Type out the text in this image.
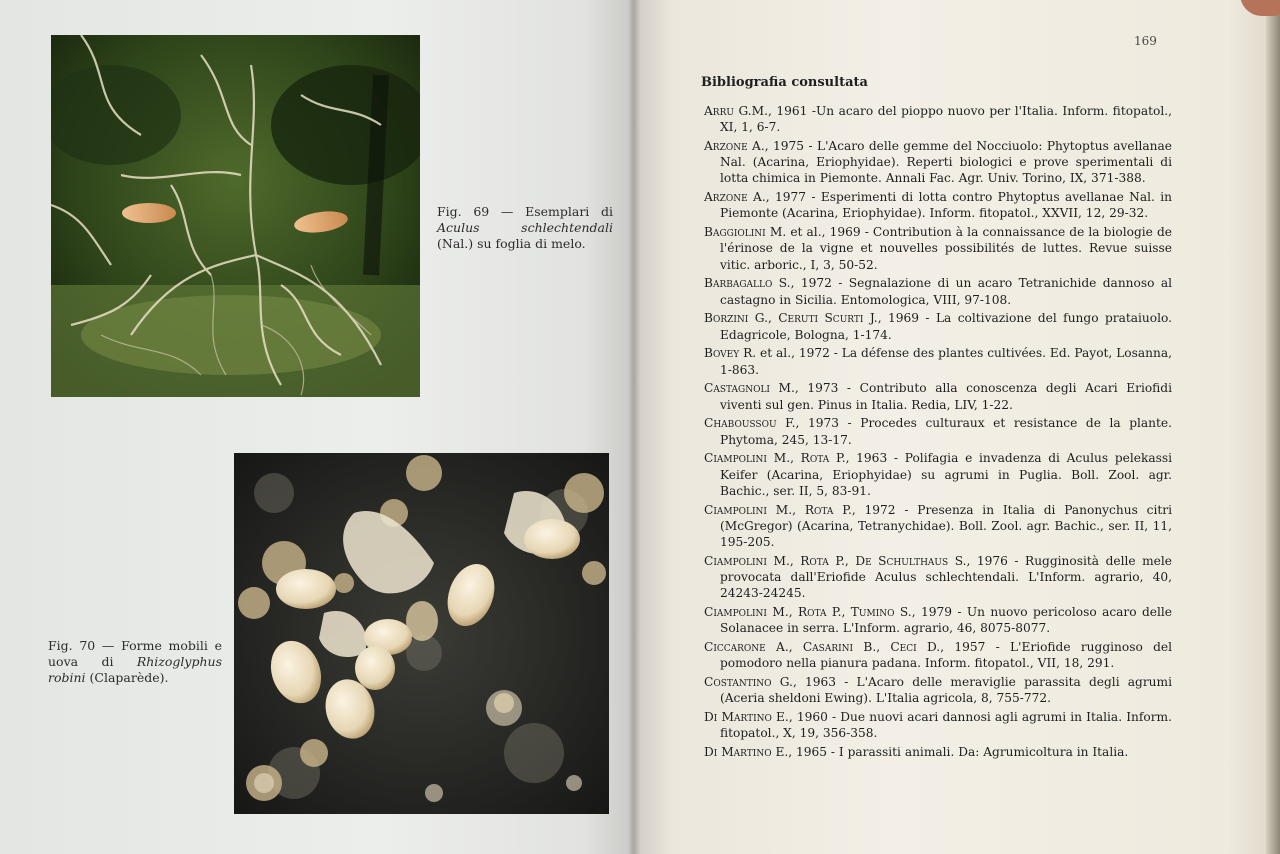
Fig. 69 — Esemplari di Aculus schlechtendali (Nal.) su foglia di melo.
Fig. 70 — Forme mobili e uova di Rhizoglyphus robini (Claparède).
169
Bibliografia consultata

Arru G.M., 1961 -Un acaro del pioppo nuovo per l'Italia. Inform. fitopatol., XI, 1, 6-7.

Arzone A., 1975 - L'Acaro delle gemme del Nocciuolo: Phytoptus avellanae Nal. (Acarina, Eriophyidae). Reperti biologici e prove sperimentali di lotta chimica in Piemonte. Annali Fac. Agr. Univ. Torino, IX, 371-388.

Arzone A., 1977 - Esperimenti di lotta contro Phytoptus avellanae Nal. in Piemonte (Acarina, Eriophyidae). Inform. fitopatol., XXVII, 12, 29-32.

Baggiolini M. et al., 1969 - Contribution à la connaissance de la biologie de l'érinose de la vigne et nouvelles possibilités de luttes. Revue suisse vitic. arboric., I, 3, 50-52.

Barbagallo S., 1972 - Segnalazione di un acaro Tetranichide dannoso al castagno in Sicilia. Entomologica, VIII, 97-108.

Borzini G., Ceruti Scurti J., 1969 - La coltivazione del fungo prataiuolo. Edagricole, Bologna, 1-174.

Bovey R. et al., 1972 - La défense des plantes cultivées. Ed. Payot, Losanna, 1-863.

Castagnoli M., 1973 - Contributo alla conoscenza degli Acari Eriofidi viventi sul gen. Pinus in Italia. Redia, LIV, 1-22.

Chaboussou F., 1973 - Procedes culturaux et resistance de la plante. Phytoma, 245, 13-17.

Ciampolini M., Rota P., 1963 - Polifagia e invadenza di Aculus pelekassi Keifer (Acarina, Eriophyidae) su agrumi in Puglia. Boll. Zool. agr. Bachic., ser. II, 5, 83-91.

Ciampolini M., Rota P., 1972 - Presenza in Italia di Panonychus citri (McGregor) (Acarina, Tetranychidae). Boll. Zool. agr. Bachic., ser. II, 11, 195-205.

Ciampolini M., Rota P., De Schulthaus S., 1976 - Rugginosità delle mele provocata dall'Eriofide Aculus schlechtendali. L'Inform. agrario, 40, 24243-24245.

Ciampolini M., Rota P., Tumino S., 1979 - Un nuovo pericoloso acaro delle Solanacee in serra. L'Inform. agrario, 46, 8075-8077.

Ciccarone A., Casarini B., Ceci D., 1957 - L'Eriofide rugginoso del pomodoro nella pianura padana. Inform. fitopatol., VII, 18, 291.

Costantino G., 1963 - L'Acaro delle meraviglie parassita degli agrumi (Aceria sheldoni Ewing). L'Italia agricola, 8, 755-772.

Di Martino E., 1960 - Due nuovi acari dannosi agli agrumi in Italia. Inform. fitopatol., X, 19, 356-358.

Di Martino E., 1965 - I parassiti animali. Da: Agrumicoltura in Italia.
